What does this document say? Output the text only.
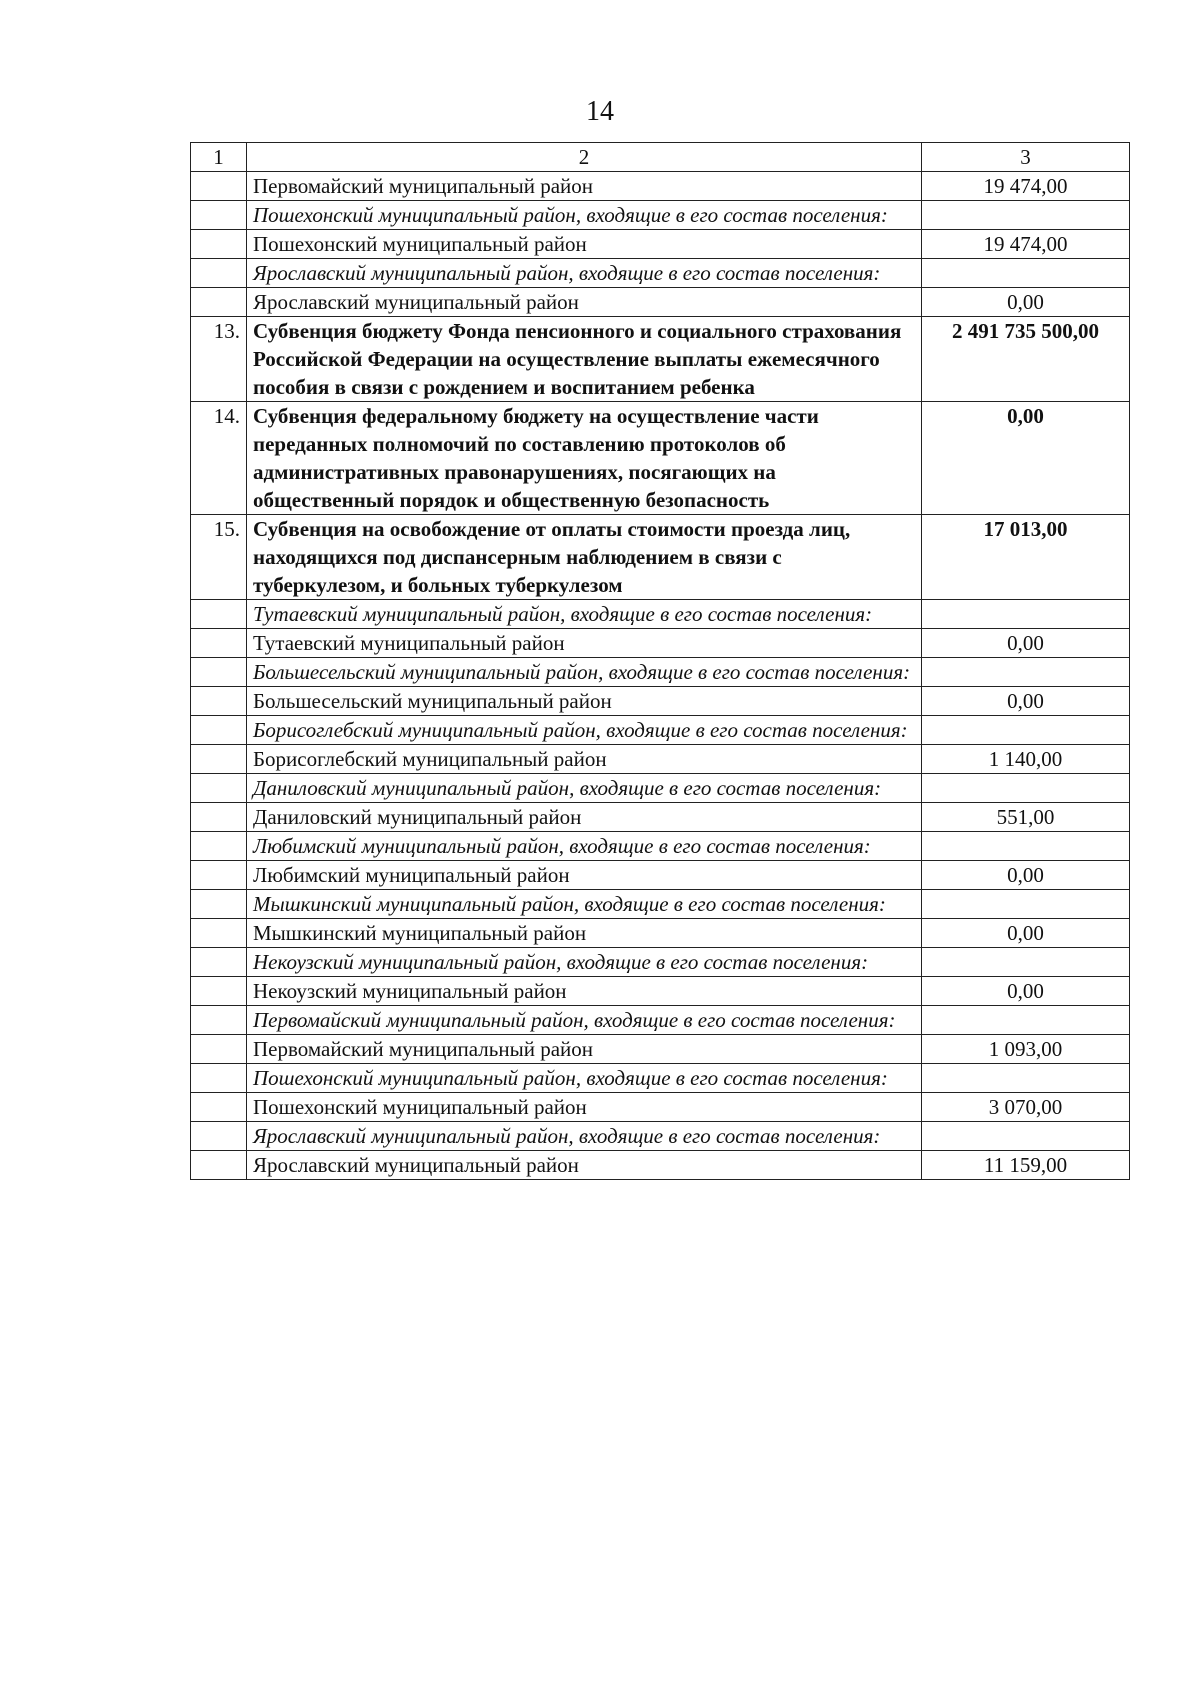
14
1	2	3
	Первомайский муниципальный район	19 474,00
	Пошехонский муниципальный район, входящие в его состав поселения:	
	Пошехонский муниципальный район	19 474,00
	Ярославский муниципальный район, входящие в его состав поселения:	
	Ярославский муниципальный район	0,00
13.	Субвенция бюджету Фонда пенсионного и социального страхования Российской Федерации на осуществление выплаты ежемесячного пособия в связи с рождением и воспитанием ребенка	2 491 735 500,00
14.	Субвенция федеральному бюджету на осуществление части переданных полномочий по составлению протоколов об административных правонарушениях, посягающих на общественный порядок и общественную безопасность	0,00
15.	Субвенция на освобождение от оплаты стоимости проезда лиц, находящихся под диспансерным наблюдением в связи с туберкулезом, и больных туберкулезом	17 013,00
	Тутаевский муниципальный район, входящие в его состав поселения:	
	Тутаевский муниципальный район	0,00
	Большесельский муниципальный район, входящие в его состав поселения:	
	Большесельский муниципальный район	0,00
	Борисоглебский муниципальный район, входящие в его состав поселения:	
	Борисоглебский муниципальный район	1 140,00
	Даниловский муниципальный район, входящие в его состав поселения:	
	Даниловский муниципальный район	551,00
	Любимский муниципальный район, входящие в его состав поселения:	
	Любимский муниципальный район	0,00
	Мышкинский муниципальный район, входящие в его состав поселения:	
	Мышкинский муниципальный район	0,00
	Некоузский муниципальный район, входящие в его состав поселения:	
	Некоузский муниципальный район	0,00
	Первомайский муниципальный район, входящие в его состав поселения:	
	Первомайский муниципальный район	1 093,00
	Пошехонский муниципальный район, входящие в его состав поселения:	
	Пошехонский муниципальный район	3 070,00
	Ярославский муниципальный район, входящие в его состав поселения:	
	Ярославский муниципальный район	11 159,00
